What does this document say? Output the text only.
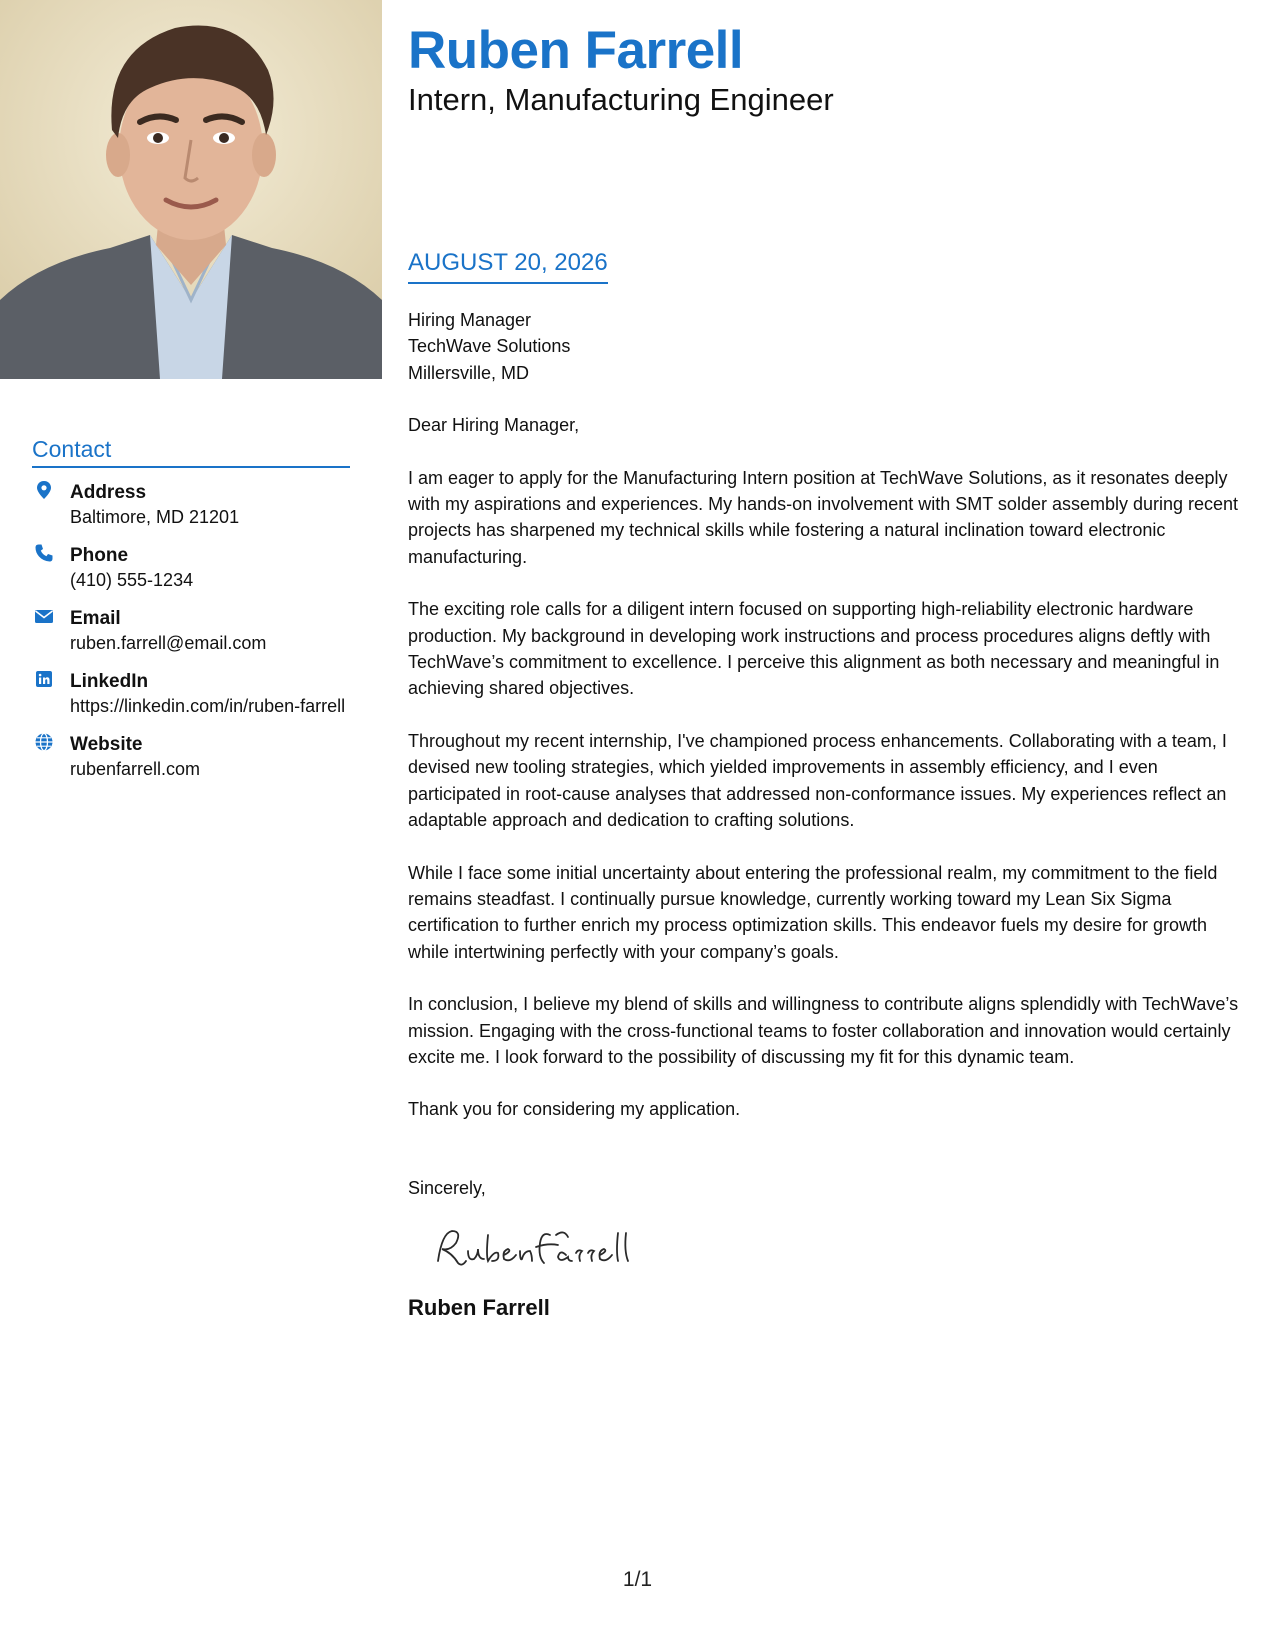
Contact
Address
Baltimore, MD 21201
Phone
(410) 555-1234
Email
ruben.farrell@email.com
LinkedIn
https://linkedin.com/in/ruben-farrell
Website
rubenfarrell.com
Ruben Farrell
Intern, Manufacturing Engineer
AUGUST 20, 2026
Hiring Manager
TechWave Solutions
Millersville, MD
Dear Hiring Manager,

I am eager to apply for the Manufacturing Intern position at TechWave Solutions, as it resonates deeply with my aspirations and experiences. My hands-on involvement with SMT solder assembly during recent projects has sharpened my technical skills while fostering a natural inclination toward electronic manufacturing.

The exciting role calls for a diligent intern focused on supporting high-reliability electronic hardware production. My background in developing work instructions and process procedures aligns deftly with TechWave’s commitment to excellence. I perceive this alignment as both necessary and meaningful in achieving shared objectives.

Throughout my recent internship, I've championed process enhancements. Collaborating with a team, I devised new tooling strategies, which yielded improvements in assembly efficiency, and I even participated in root-cause analyses that addressed non-conformance issues. My experiences reflect an adaptable approach and dedication to crafting solutions.

While I face some initial uncertainty about entering the professional realm, my commitment to the field remains steadfast. I continually pursue knowledge, currently working toward my Lean Six Sigma certification to further enrich my process optimization skills. This endeavor fuels my desire for growth while intertwining perfectly with your company’s goals.

In conclusion, I believe my blend of skills and willingness to contribute aligns splendidly with TechWave’s mission. Engaging with the cross-functional teams to foster collaboration and innovation would certainly excite me. I look forward to the possibility of discussing my fit for this dynamic team.

Thank you for considering my application.
Sincerely,
Ruben Farrell
1/1
